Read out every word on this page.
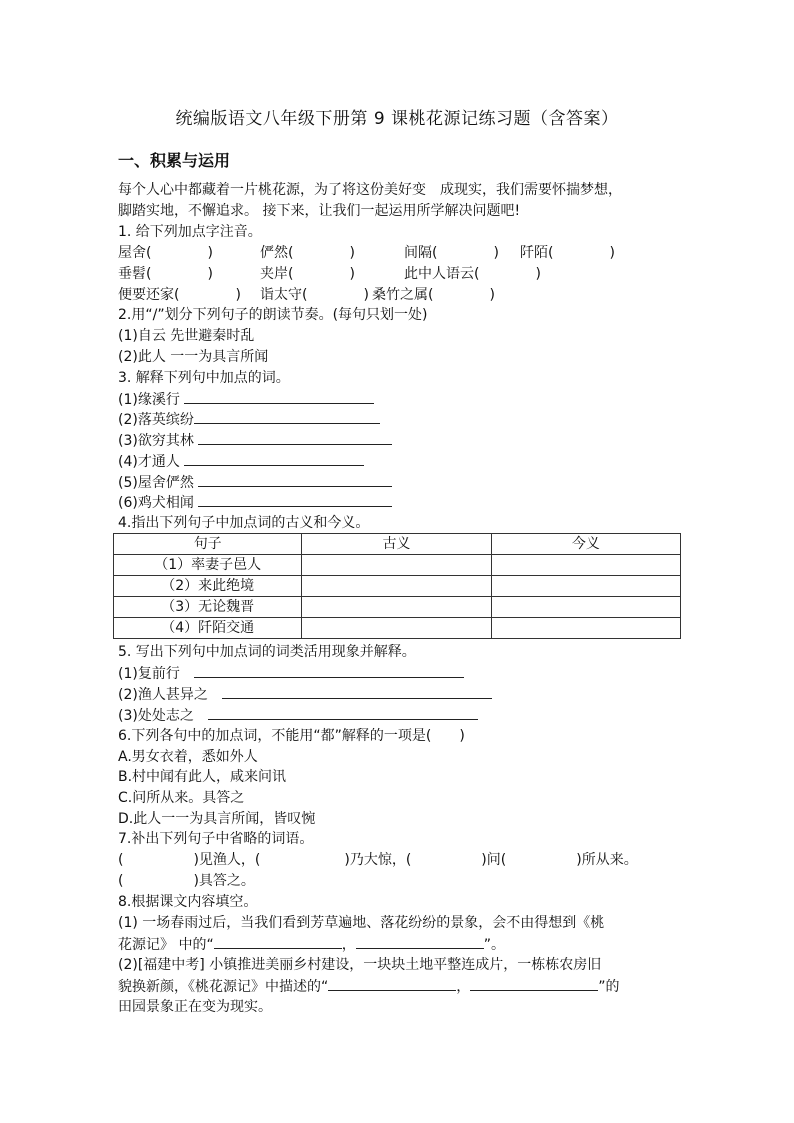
统编版语文八年级下册第 9 课桃花源记练习题（含答案）
一、积累与运用
每个人心中都藏着一片桃花源，为了将这份美好变　成现实，我们需要怀揣梦想，
脚踏实地，不懈追求。 接下来，让我们一起运用所学解决问题吧!
1. 给下列加点字注音。
屋舍(　　　　)	俨然(　　　　)	间隔(　　　　) 阡陌(　　　　)
垂髫(　　　　)	夹岸(　　　　)	此中人语云(　　　　)
便要还家(　　　　) 诣太守(　　　　) 桑竹之属(　　　　)
2.用“/”划分下列句子的朗读节奏。(每句只划一处)
(1)自云 先世避秦时乱
(2)此人 一一为具言所闻
3. 解释下列句中加点的词。
(1)缘溪行
(2)落英缤纷
(3)欲穷其林
(4)才通人
(5)屋舍俨然
(6)鸡犬相闻
4.指出下列句子中加点词的古义和今义。
句子	古义	今义
（1）率妻子邑人		
（2）来此绝境		
（3）无论魏晋		
（4）阡陌交通		
5. 写出下列句中加点词的词类活用现象并解释。
(1)复前行　
(2)渔人甚异之　
(3)处处志之　
6.下列各句中的加点词，不能用“都”解释的一项是(　　)
A.男女衣着，悉如外人
B.村中闻有此人，咸来问讯
C.问所从来。具答之
D.此人一一为具言所闻，皆叹惋
7.补出下列句子中省略的词语。
(　　　　　)见渔人，(　　　　　　)乃大惊，(　　　　　)问(　　　　　)所从来。
(　　　　　)具答之。
8.根据课文内容填空。
(1) 一场春雨过后，当我们看到芳草遍地、落花纷纷的景象，会不由得想到《桃
花源记》 中的“	，	”。
(2)[福建中考] 小镇推进美丽乡村建设，一块块土地平整连成片，一栋栋农房旧
貌换新颜，《桃花源记》中描述的“	，	”的
田园景象正在变为现实。
